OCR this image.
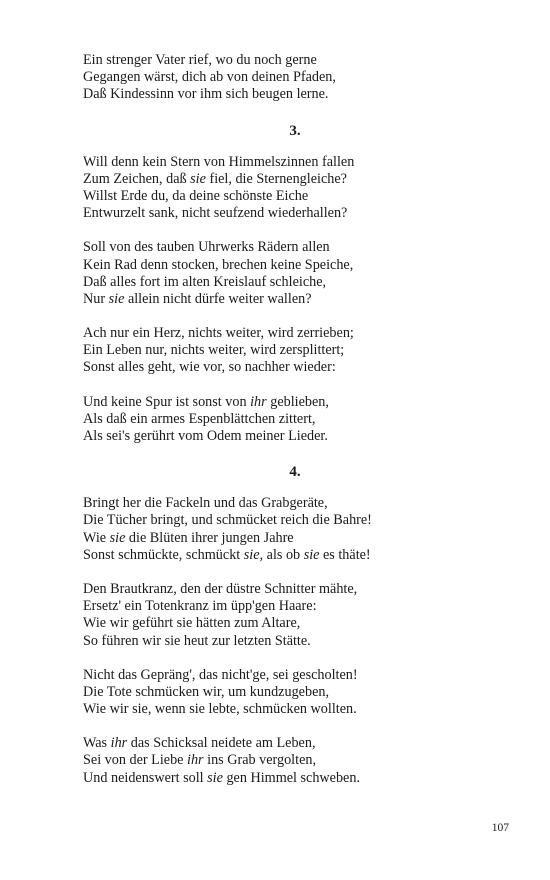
Ein strenger Vater rief, wo du noch gerne
Gegangen wärst, dich ab von deinen Pfaden,
Daß Kindessinn vor ihm sich beugen lerne.
3.
Will denn kein Stern von Himmelszinnen fallen
Zum Zeichen, daß sie fiel, die Sternengleiche?
Willst Erde du, da deine schönste Eiche
Entwurzelt sank, nicht seufzend wiederhallen?
Soll von des tauben Uhrwerks Rädern allen
Kein Rad denn stocken, brechen keine Speiche,
Daß alles fort im alten Kreislauf schleiche,
Nur sie allein nicht dürfe weiter wallen?
Ach nur ein Herz, nichts weiter, wird zerrieben;
Ein Leben nur, nichts weiter, wird zersplittert;
Sonst alles geht, wie vor, so nachher wieder:
Und keine Spur ist sonst von ihr geblieben,
Als daß ein armes Espenblättchen zittert,
Als sei's gerührt vom Odem meiner Lieder.
4.
Bringt her die Fackeln und das Grabgeräte,
Die Tücher bringt, und schmücket reich die Bahre!
Wie sie die Blüten ihrer jungen Jahre
Sonst schmückte, schmückt sie, als ob sie es thäte!
Den Brautkranz, den der düstre Schnitter mähte,
Ersetz' ein Totenkranz im üpp'gen Haare:
Wie wir geführt sie hätten zum Altare,
So führen wir sie heut zur letzten Stätte.
Nicht das Gepräng', das nicht'ge, sei gescholten!
Die Tote schmücken wir, um kundzugeben,
Wie wir sie, wenn sie lebte, schmücken wollten.
Was ihr das Schicksal neidete am Leben,
Sei von der Liebe ihr ins Grab vergolten,
Und neidenswert soll sie gen Himmel schweben.
107
